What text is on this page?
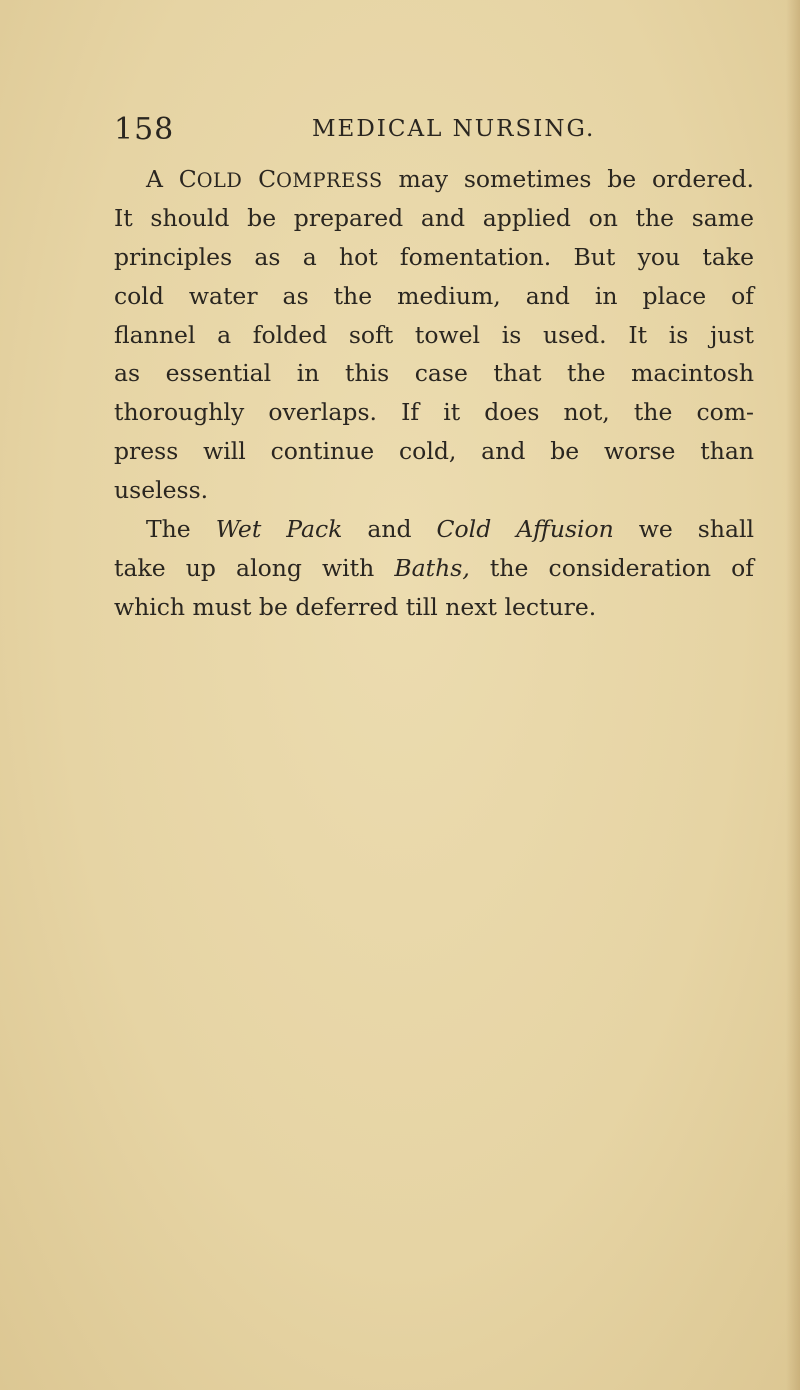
158	MEDICAL NURSING.
A COLD COMPRESS may sometimes be ordered.
It should be prepared and applied on the same
principles as a hot fomentation. But you take
cold water as the medium, and in place of
flannel a folded soft towel is used. It is just
as essential in this case that the macintosh
thoroughly overlaps. If it does not, the com-
press will continue cold, and be worse than
useless.
The Wet Pack and Cold Affusion we shall
take up along with Baths, the consideration of
which must be deferred till next lecture.
